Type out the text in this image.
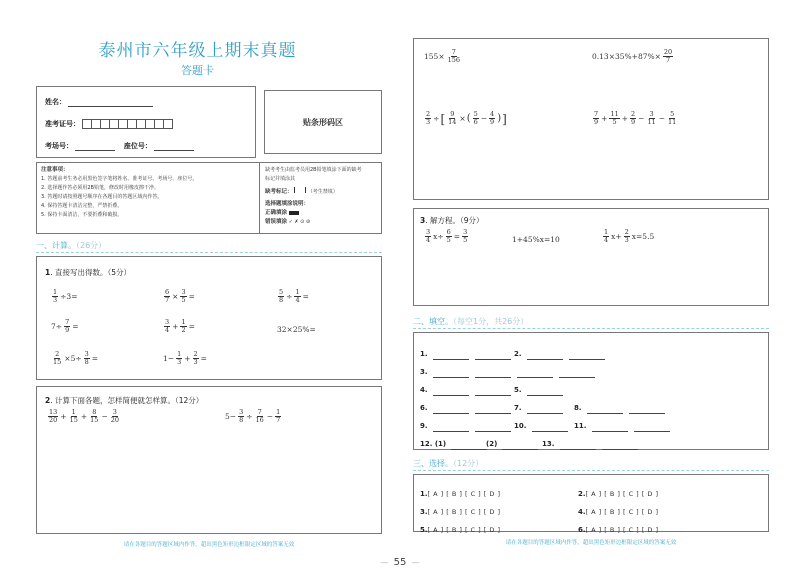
泰州市六年级上期末真题
答题卡
姓名：
准考证号：
考场号：	座位号：
贴条形码区
注意事项：
1. 答题前考生务必用黑色签字笔将姓名、准考证号、考场号、座位号。
2. 选择题作答必须用2B铅笔，修改时用橡皮擦干净。
3. 答题时请按照题号顺序在各题目的答题区域内作答。
4. 保持答题卡清洁完整，严禁折叠。
5. 保持卡面清洁，不要折叠和破损。
缺考考生由监考员用2B铅笔填涂下面的缺考
标记并填涂其
缺考标记：	（考生禁填）
选择题填涂说明：
正确填涂
错误填涂 ✓ ✗ ⊙ ⊘
一、计算。（26分）
1. 直接写出得数。（5分）
$\frac{1}{3} \div 3=$	$\frac{6}{7} \times \frac{3}{5}$ =	$\frac{5}{8} \div \frac{1}{4}$ =
$7\div \frac{7}{9}$ =	$\frac{3}{4} + \frac{1}{2}$ =	32×25%=
$\frac{2}{15} \times 5\div \frac{3}{8}$ =	$1- \frac{1}{3} + \frac{2}{3}$ =
2. 计算下面各题，怎样简便就怎样算。（12分）
$\frac{13}{20} + \frac{1}{15} + \frac{8}{15} - \frac{3}{20}$	$5- \frac{3}{8} \div \frac{7}{16} - \frac{1}{7}$
请在各题目的答题区域内作答，超出黑色矩形边框限定区域的答案无效
$155\times \frac{7}{156}$	$0.13\times 35\%+87\%\times \frac{20}{7}$
$\frac{2}{3}$ ÷ [ $\frac{9}{14}$ × ( $\frac{5}{6} - \frac{4}{9}$ ) ]	$\frac{7}{9} + \frac{11}{5} + \frac{2}{9} - \frac{3}{11} - \frac{5}{11}$
3. 解方程。（9分）
$\frac{3}{4} x\div \frac{6}{5} = \frac{3}{5}$	1+45%x=10	$\frac{1}{4} x+ \frac{2}{3} x=5.5$
二、填空。（每空1分，共26分）
1.	2.
3.
4.	5.
6.	7.	8.
9.	10.	11.
12. (1)	(2)	13.
三、选择。（12分）
1.[ A ] [ B ] [ C ] [ D ]	2.[ A ] [ B ] [ C ] [ D ]
3.[ A ] [ B ] [ C ] [ D ]	4.[ A ] [ B ] [ C ] [ D ]
5.[ A ] [ B ] [ C ] [ D ]	6.[ A ] [ B ] [ C ] [ D ]
请在各题目的答题区域内作答，超出黑色矩形边框限定区域的答案无效
— 55 —
